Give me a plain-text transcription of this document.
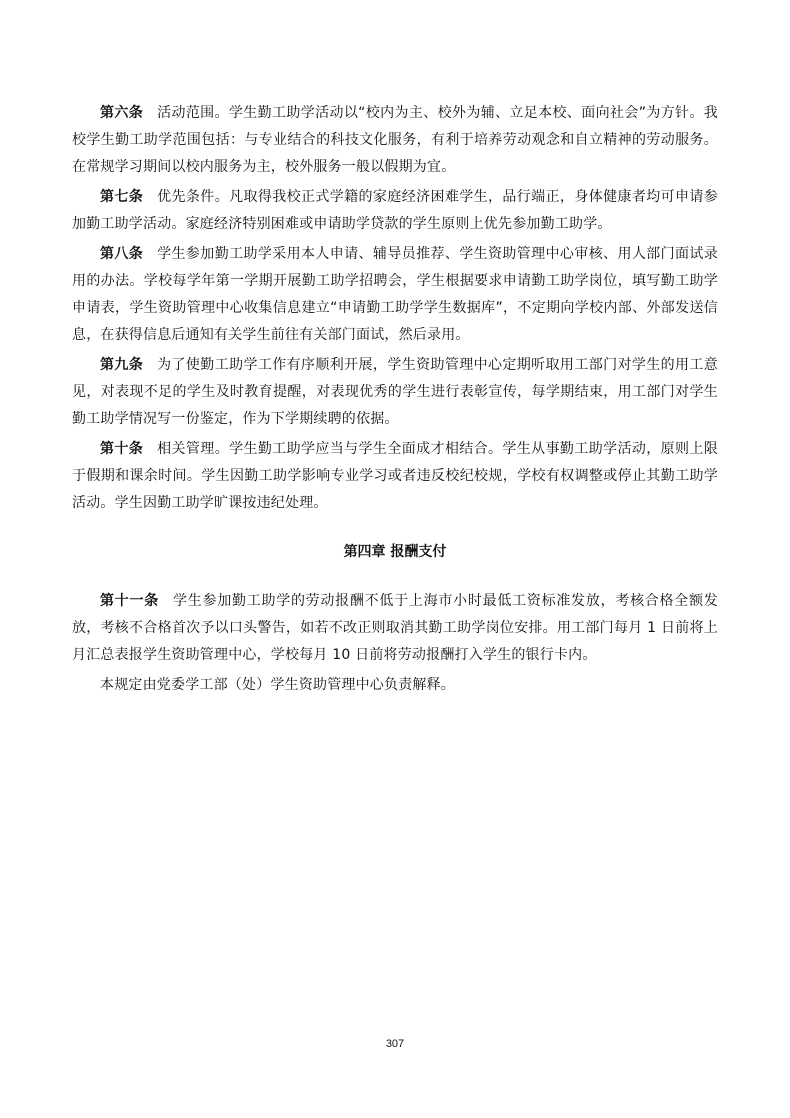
第六条 活动范围。学生勤工助学活动以“校内为主、校外为辅、立足本校、面向社会”为方针。我校学生勤工助学范围包括：与专业结合的科技文化服务，有利于培养劳动观念和自立精神的劳动服务。在常规学习期间以校内服务为主，校外服务一般以假期为宜。

第七条 优先条件。凡取得我校正式学籍的家庭经济困难学生，品行端正，身体健康者均可申请参加勤工助学活动。家庭经济特别困难或申请助学贷款的学生原则上优先参加勤工助学。

第八条 学生参加勤工助学采用本人申请、辅导员推荐、学生资助管理中心审核、用人部门面试录用的办法。学校每学年第一学期开展勤工助学招聘会，学生根据要求申请勤工助学岗位，填写勤工助学申请表，学生资助管理中心收集信息建立“申请勤工助学学生数据库”，不定期向学校内部、外部发送信息，在获得信息后通知有关学生前往有关部门面试，然后录用。

第九条 为了使勤工助学工作有序顺利开展，学生资助管理中心定期听取用工部门对学生的用工意见，对表现不足的学生及时教育提醒，对表现优秀的学生进行表彰宣传，每学期结束，用工部门对学生勤工助学情况写一份鉴定，作为下学期续聘的依据。

第十条 相关管理。学生勤工助学应当与学生全面成才相结合。学生从事勤工助学活动，原则上限于假期和课余时间。学生因勤工助学影响专业学习或者违反校纪校规，学校有权调整或停止其勤工助学活动。学生因勤工助学旷课按违纪处理。

第四章 报酬支付

第十一条 学生参加勤工助学的劳动报酬不低于上海市小时最低工资标准发放，考核合格全额发放，考核不合格首次予以口头警告，如若不改正则取消其勤工助学岗位安排。用工部门每月 1 日前将上月汇总表报学生资助管理中心，学校每月 10 日前将劳动报酬打入学生的银行卡内。

本规定由党委学工部（处）学生资助管理中心负责解释。

307
